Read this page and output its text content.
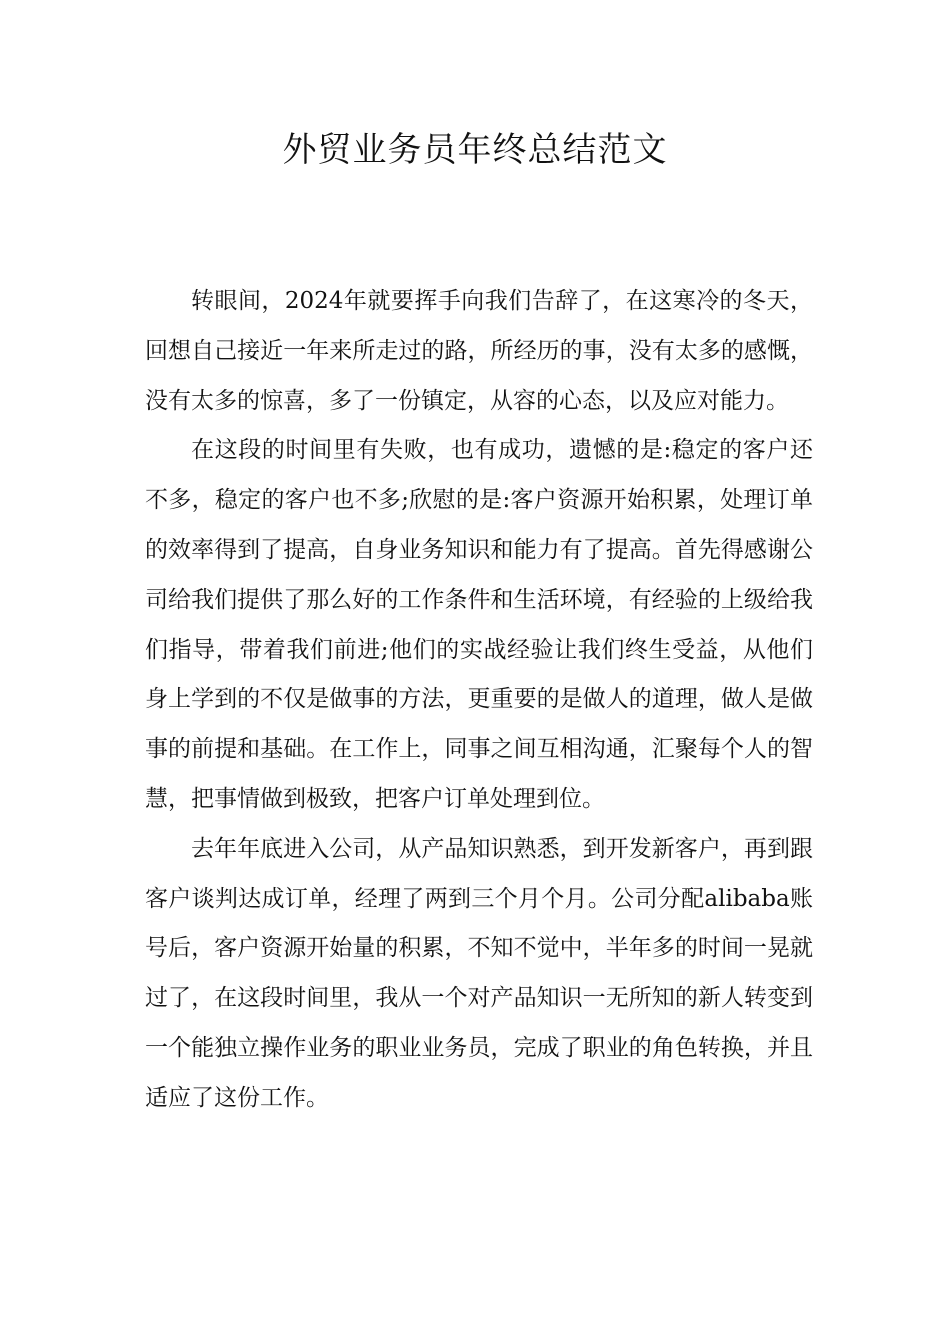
外贸业务员年终总结范文

转眼间，2024年就要挥手向我们告辞了，在这寒冷的冬天，回想自己接近一年来所走过的路，所经历的事，没有太多的感慨，没有太多的惊喜，多了一份镇定，从容的心态，以及应对能力。

在这段的时间里有失败，也有成功，遗憾的是:稳定的客户还不多，稳定的客户也不多;欣慰的是:客户资源开始积累，处理订单的效率得到了提高，自身业务知识和能力有了提高。首先得感谢公司给我们提供了那么好的工作条件和生活环境，有经验的上级给我们指导，带着我们前进;他们的实战经验让我们终生受益，从他们身上学到的不仅是做事的方法，更重要的是做人的道理，做人是做事的前提和基础。在工作上，同事之间互相沟通，汇聚每个人的智慧，把事情做到极致，把客户订单处理到位。

去年年底进入公司，从产品知识熟悉，到开发新客户，再到跟客户谈判达成订单，经理了两到三个月个月。公司分配alibaba账号后，客户资源开始量的积累，不知不觉中，半年多的时间一晃就过了，在这段时间里，我从一个对产品知识一无所知的新人转变到一个能独立操作业务的职业业务员，完成了职业的角色转换，并且适应了这份工作。
